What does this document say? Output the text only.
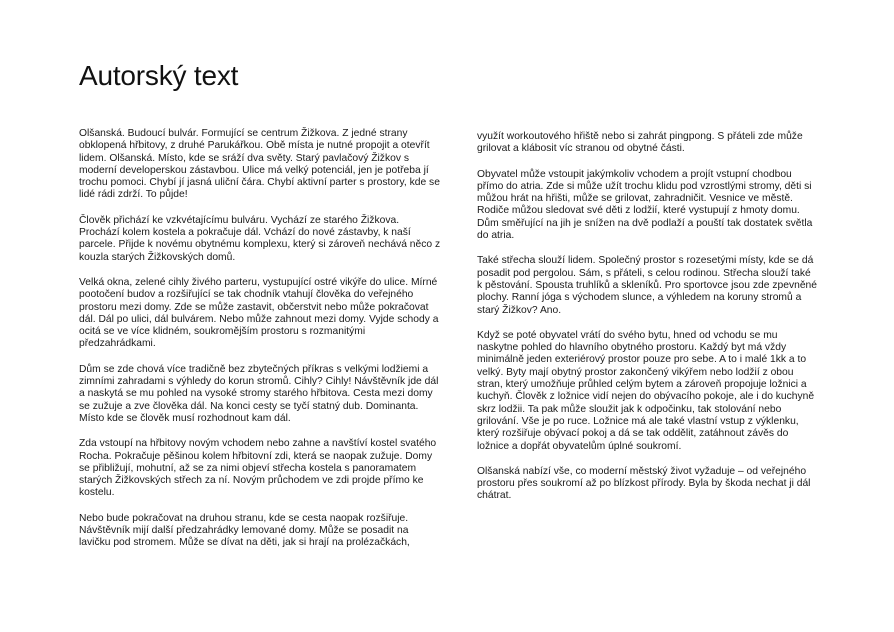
Autorský text

Olšanská. Budoucí bulvár. Formující se centrum Žižkova. Z jedné strany obklopená hřbitovy, z druhé Parukářkou. Obě místa je nutné propojit a otevřít lidem. Olšanská. Místo, kde se sráží dva světy. Starý pavlačový Žižkov s moderní developerskou zástavbou. Ulice má velký potenciál, jen je potřeba jí trochu pomoci. Chybí jí jasná uliční čára. Chybí aktivní parter s prostory, kde se lidé rádi zdrží. To půjde!

Člověk přichází ke vzkvétajícímu bulváru. Vychází ze starého Žižkova. Prochází kolem kostela a pokračuje dál. Vchází do nové zástavby, k naší parcele. Přijde k novému obytnému komplexu, který si zároveň nechává něco z kouzla starých Žižkovských domů.

Velká okna, zelené cihly živého parteru, vystupující ostré vikýře do ulice. Mírné pootočení budov a rozšiřující se tak chodník vtahují člověka do veřejného prostoru mezi domy. Zde se může zastavit, občerstvit nebo může pokračovat dál. Dál po ulici, dál bulvárem. Nebo může zahnout mezi domy. Vyjde schody a ocitá se ve více klidném, soukromějším prostoru s rozmanitými předzahrádkami.

Dům se zde chová více tradičně bez zbytečných příkras s velkými lodžiemi a zimními zahradami s výhledy do korun stromů. Cihly? Cihly! Návštěvník jde dál a naskytá se mu pohled na vysoké stromy starého hřbitova. Cesta mezi domy se zužuje a zve člověka dál. Na konci cesty se tyčí statný dub. Dominanta. Místo kde se člověk musí rozhodnout kam dál.

Zda vstoupí na hřbitovy novým vchodem nebo zahne a navštíví kostel svatého Rocha. Pokračuje pěšinou kolem hřbitovní zdi, která se naopak zužuje. Domy se přibližují, mohutní, až se za nimi objeví střecha kostela s panoramatem starých Žižkovských střech za ní. Novým průchodem ve zdi projde přímo ke kostelu.

Nebo bude pokračovat na druhou stranu, kde se cesta naopak rozšiřuje. Návštěvník mijí další předzahrádky lemované domy. Může se posadit na lavičku pod stromem. Může se dívat na děti, jak si hrají na prolézačkách,

využít workoutového hřiště nebo si zahrát pingpong. S přáteli zde může grilovat a klábosit víc stranou od obytné části.

Obyvatel může vstoupit jakýmkoliv vchodem a projít vstupní chodbou přímo do atria. Zde si může užít trochu klidu pod vzrostlými stromy, děti si můžou hrát na hřišti, může se grilovat, zahradničit. Vesnice ve městě. Rodiče můžou sledovat své děti z lodžií, které vystupují z hmoty domu. Dům směřující na jih je snížen na dvě podlaží a pouští tak dostatek světla do atria.

Také střecha slouží lidem. Společný prostor s rozesetými místy, kde se dá posadit pod pergolou. Sám, s přáteli, s celou rodinou. Střecha slouží také k pěstování. Spousta truhlíků a skleníků. Pro sportovce jsou zde zpevněné plochy. Ranní jóga s východem slunce, a výhledem na koruny stromů a starý Žižkov? Ano.

Když se poté obyvatel vrátí do svého bytu, hned od vchodu se mu naskytne pohled do hlavního obytného prostoru. Každý byt má vždy minimálně jeden exteriérový prostor pouze pro sebe. A to i malé 1kk a to velký. Byty mají obytný prostor zakončený vikýřem nebo lodžií z obou stran, který umožňuje průhled celým bytem a zároveň propojuje ložnici a kuchyň. Člověk z ložnice vidí nejen do obývacího pokoje, ale i do kuchyně skrz lodžii. Ta pak může sloužit jak k odpočinku, tak stolování nebo grilování. Vše je po ruce. Ložnice má ale také vlastní vstup z výklenku, který rozšiřuje obývací pokoj a dá se tak oddělit, zatáhnout závěs do ložnice a dopřát obyvatelům úplné soukromí.

Olšanská nabízí vše, co moderní městský život vyžaduje – od veřejného prostoru přes soukromí až po blízkost přírody. Byla by škoda nechat ji dál chátrat.
